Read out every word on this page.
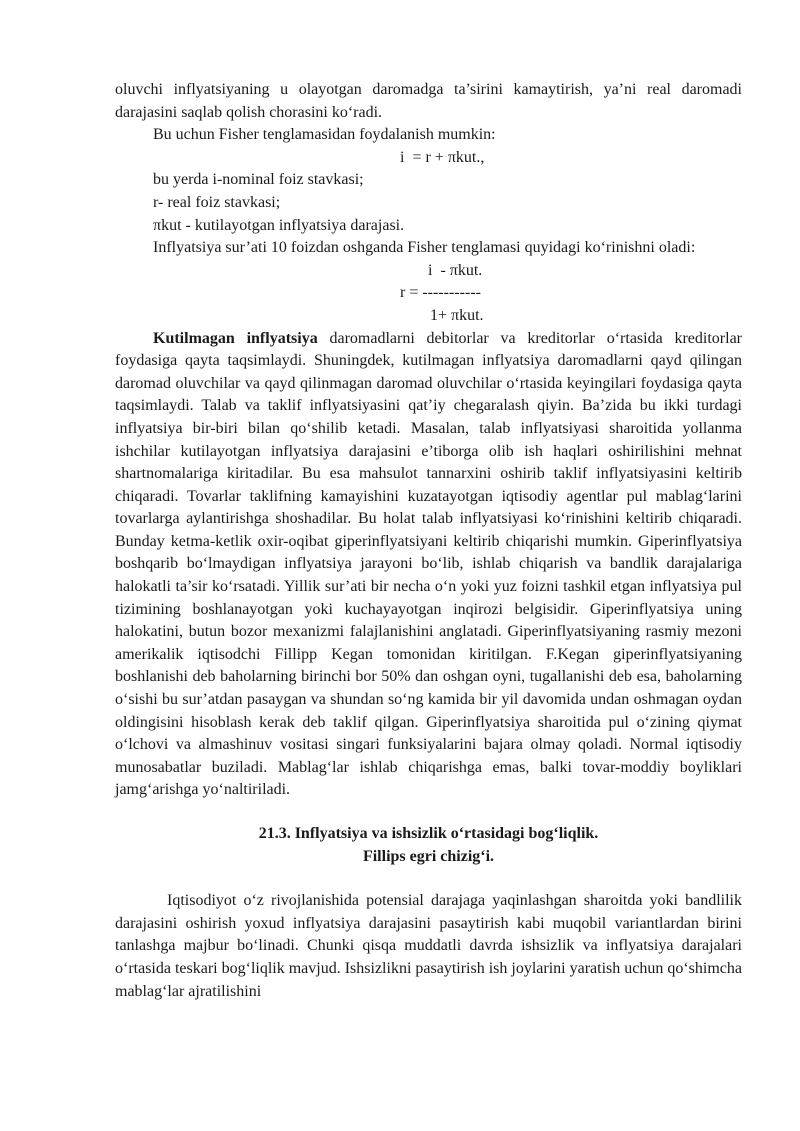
oluvchi inflyatsiyaning u olayotgan daromadga ta’sirini kamaytirish, ya’ni real daromadi darajasini saqlab qolish chorasini ko‘radi.

Bu uchun Fisher tenglamasidan foydalanish mumkin:

i  = r + πkut.,

bu yerda i-nominal foiz stavkasi;

r- real foiz stavkasi;

πkut - kutilayotgan inflyatsiya darajasi.

Inflyatsiya sur’ati 10 foizdan oshganda Fisher tenglamasi quyidagi ko‘rinishni oladi:

i  - πkut.

r = -----------

1+ πkut.

Kutilmagan inflyatsiya daromadlarni debitorlar va kreditorlar o‘rtasida kreditorlar foydasiga qayta taqsimlaydi. Shuningdek, kutilmagan inflyatsiya daromadlarni qayd qilingan daromad oluvchilar va qayd qilinmagan daromad oluvchilar o‘rtasida keyingilari foydasiga qayta taqsimlaydi. Talab va taklif inflyatsiyasini qat’iy chegaralash qiyin. Ba’zida bu ikki turdagi inflyatsiya bir-biri bilan qo‘shilib ketadi. Masalan, talab inflyatsiyasi sharoitida yollanma ishchilar kutilayotgan inflyatsiya darajasini e’tiborga olib ish haqlari oshirilishini mehnat shartnomalariga kiritadilar. Bu esa mahsulot tannarxini oshirib taklif inflyatsiyasini keltirib chiqaradi. Tovarlar taklifning kamayishini kuzatayotgan iqtisodiy agentlar pul mablag‘larini tovarlarga aylantirishga shoshadilar. Bu holat talab inflyatsiyasi ko‘rinishini keltirib chiqaradi. Bunday ketma-ketlik oxir-oqibat giperinflyatsiyani keltirib chiqarishi mumkin. Giperinflyatsiya boshqarib bo‘lmaydigan inflyatsiya jarayoni bo‘lib, ishlab chiqarish va bandlik darajalariga halokatli ta’sir ko‘rsatadi. Yillik sur’ati bir necha o‘n yoki yuz foizni tashkil etgan inflyatsiya pul tizimining boshlanayotgan yoki kuchayayotgan inqirozi belgisidir. Giperinflyatsiya uning halokatini, butun bozor mexanizmi falajlanishini anglatadi. Giperinflyatsiyaning rasmiy mezoni amerikalik iqtisodchi Fillipp Kegan tomonidan kiritilgan. F.Kegan giperinflyatsiyaning boshlanishi deb baholarning birinchi bor 50% dan oshgan oyni, tugallanishi deb esa, baholarning o‘sishi bu sur’atdan pasaygan va shundan so‘ng kamida bir yil davomida undan oshmagan oydan oldingisini hisoblash kerak deb taklif qilgan. Giperinflyatsiya sharoitida pul o‘zining qiymat o‘lchovi va almashinuv vositasi singari funksiyalarini bajara olmay qoladi. Normal iqtisodiy munosabatlar buziladi. Mablag‘lar ishlab chiqarishga emas, balki tovar-moddiy boyliklari jamg‘arishga yo‘naltiriladi.

21.3. Inflyatsiya va ishsizlik o‘rtasidagi bog‘liqlik.

Fillips egri chizig‘i.

Iqtisodiyot o‘z rivojlanishida potensial darajaga yaqinlashgan sharoitda yoki bandlilik darajasini oshirish yoxud inflyatsiya darajasini pasaytirish kabi muqobil variantlardan birini tanlashga majbur bo‘linadi. Chunki qisqa muddatli davrda ishsizlik va inflyatsiya darajalari o‘rtasida teskari bog‘liqlik mavjud. Ishsizlikni pasaytirish ish joylarini yaratish uchun qo‘shimcha mablag‘lar ajratilishini
